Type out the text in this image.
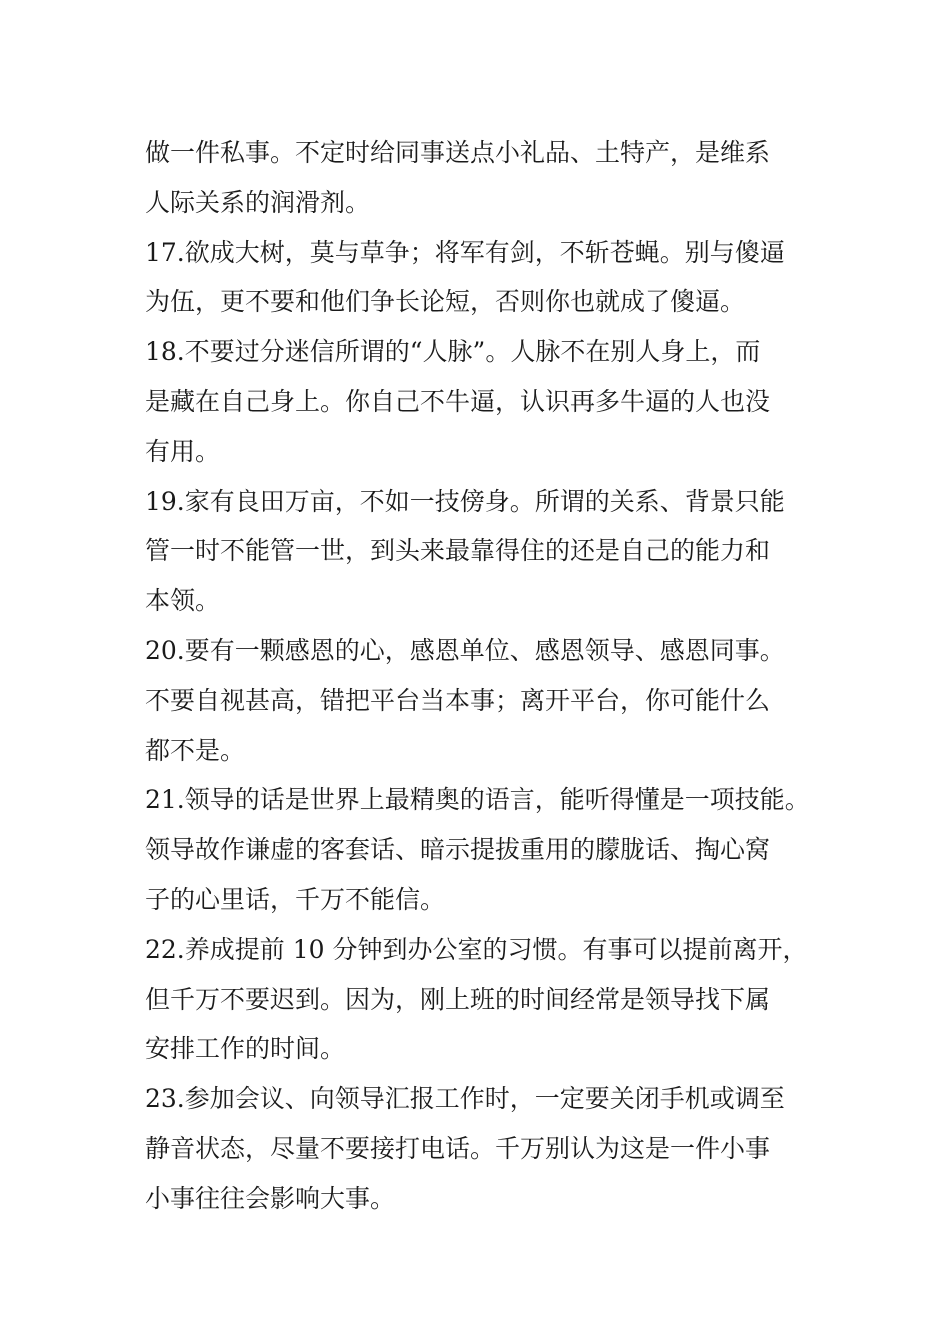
做一件私事。不定时给同事送点小礼品、土特产，是维系
人际关系的润滑剂。
17.欲成大树，莫与草争；将军有剑，不斩苍蝇。别与傻逼
为伍，更不要和他们争长论短，否则你也就成了傻逼。
18.不要过分迷信所谓的“人脉”。人脉不在别人身上，而
是藏在自己身上。你自己不牛逼，认识再多牛逼的人也没
有用。
19.家有良田万亩，不如一技傍身。所谓的关系、背景只能
管一时不能管一世，到头来最靠得住的还是自己的能力和
本领。
20.要有一颗感恩的心，感恩单位、感恩领导、感恩同事。
不要自视甚高，错把平台当本事；离开平台，你可能什么
都不是。
21.领导的话是世界上最精奥的语言，能听得懂是一项技能。
领导故作谦虚的客套话、暗示提拔重用的朦胧话、掏心窝
子的心里话，千万不能信。
22.养成提前 10 分钟到办公室的习惯。有事可以提前离开，
但千万不要迟到。因为，刚上班的时间经常是领导找下属
安排工作的时间。
23.参加会议、向领导汇报工作时，一定要关闭手机或调至
静音状态，尽量不要接打电话。千万别认为这是一件小事
小事往往会影响大事。
